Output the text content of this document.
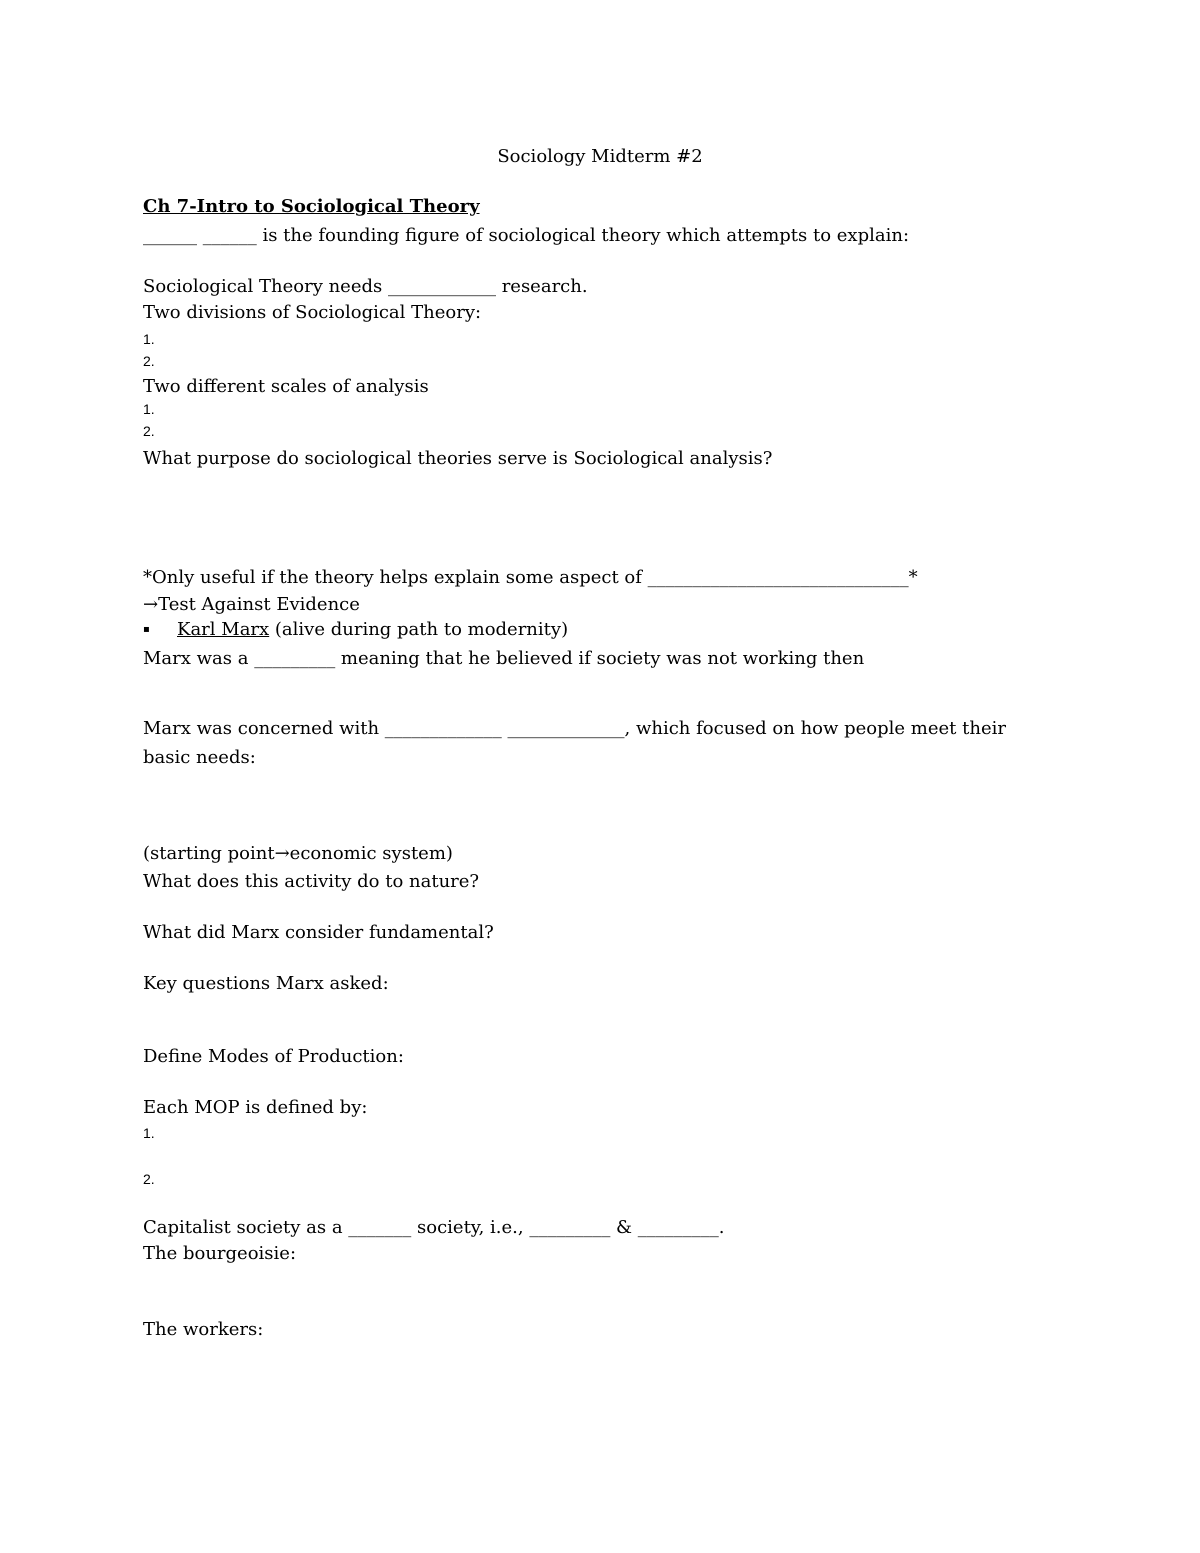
Sociology Midterm #2
Ch 7-Intro to Sociological Theory
______ ______ is the founding figure of sociological theory which attempts to explain:
Sociological Theory needs ____________ research.
Two divisions of Sociological Theory:
1.
2.
Two different scales of analysis
1.
2.
What purpose do sociological theories serve is Sociological analysis?
*Only useful if the theory helps explain some aspect of _____________________________*
→Test Against Evidence
▪ Karl Marx (alive during path to modernity)
Marx was a _________ meaning that he believed if society was not working then
Marx was concerned with _____________ _____________, which focused on how people meet their
basic needs:
(starting point→economic system)
What does this activity do to nature?
What did Marx consider fundamental?
Key questions Marx asked:
Define Modes of Production:
Each MOP is defined by:
1.
2.
Capitalist society as a _______ society, i.e., _________ & _________.
The bourgeoisie:
The workers:
